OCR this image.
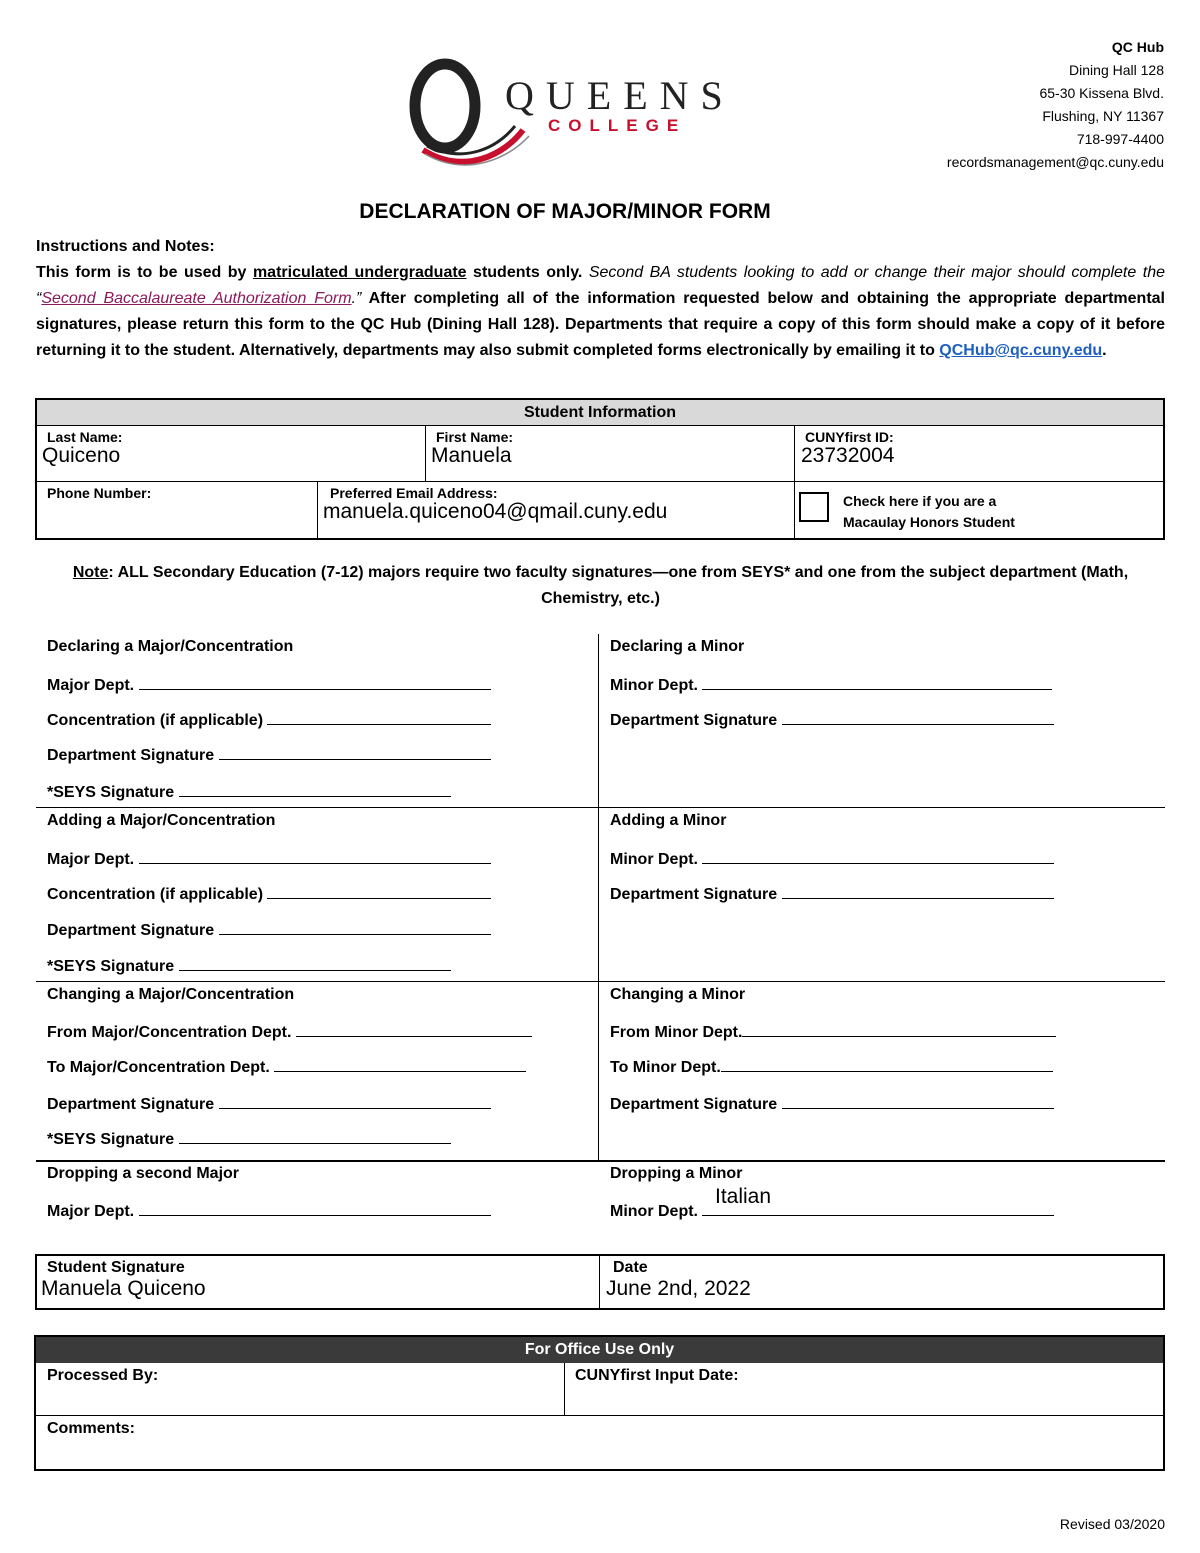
QUEENS
COLLEGE
QC Hub
Dining Hall 128
65-30 Kissena Blvd.
Flushing, NY 11367
718-997-4400
recordsmanagement@qc.cuny.edu
DECLARATION OF MAJOR/MINOR FORM
Instructions and Notes:
This form is to be used by matriculated undergraduate students only. Second BA students looking to add or change their major should complete the “Second Baccalaureate Authorization Form.” After completing all of the information requested below and obtaining the appropriate departmental signatures, please return this form to the QC Hub (Dining Hall 128). Departments that require a copy of this form should make a copy of it before returning it to the student. Alternatively, departments may also submit completed forms electronically by emailing it to QCHub@qc.cuny.edu.
Student Information
Last Name:
Quiceno
First Name:
Manuela
CUNYfirst ID:
23732004
Phone Number:	Preferred Email Address:
manuela.quiceno04@qmail.cuny.edu	Check here if you are a
Macaulay Honors Student
Note: ALL Secondary Education (7-12) majors require two faculty signatures—one from SEYS* and one from the subject department (Math,
Chemistry, etc.)
Declaring a Major/Concentration
Major Dept.
Concentration (if applicable)
Department Signature
*SEYS Signature
Declaring a Minor
Minor Dept.
Department Signature
Adding a Major/Concentration
Major Dept.
Concentration (if applicable)
Department Signature
*SEYS Signature
Adding a Minor
Minor Dept.
Department Signature
Changing a Major/Concentration
From Major/Concentration Dept.
To Major/Concentration Dept.
Department Signature
*SEYS Signature
Changing a Minor
From Minor Dept.
To Minor Dept.
Department Signature
Dropping a second Major
Major Dept.
Dropping a Minor
Minor Dept.
Italian
Student Signature
Manuela Quiceno
Date
June 2nd, 2022
For Office Use Only
Processed By:	CUNYfirst Input Date:
Comments:
Revised 03/2020
